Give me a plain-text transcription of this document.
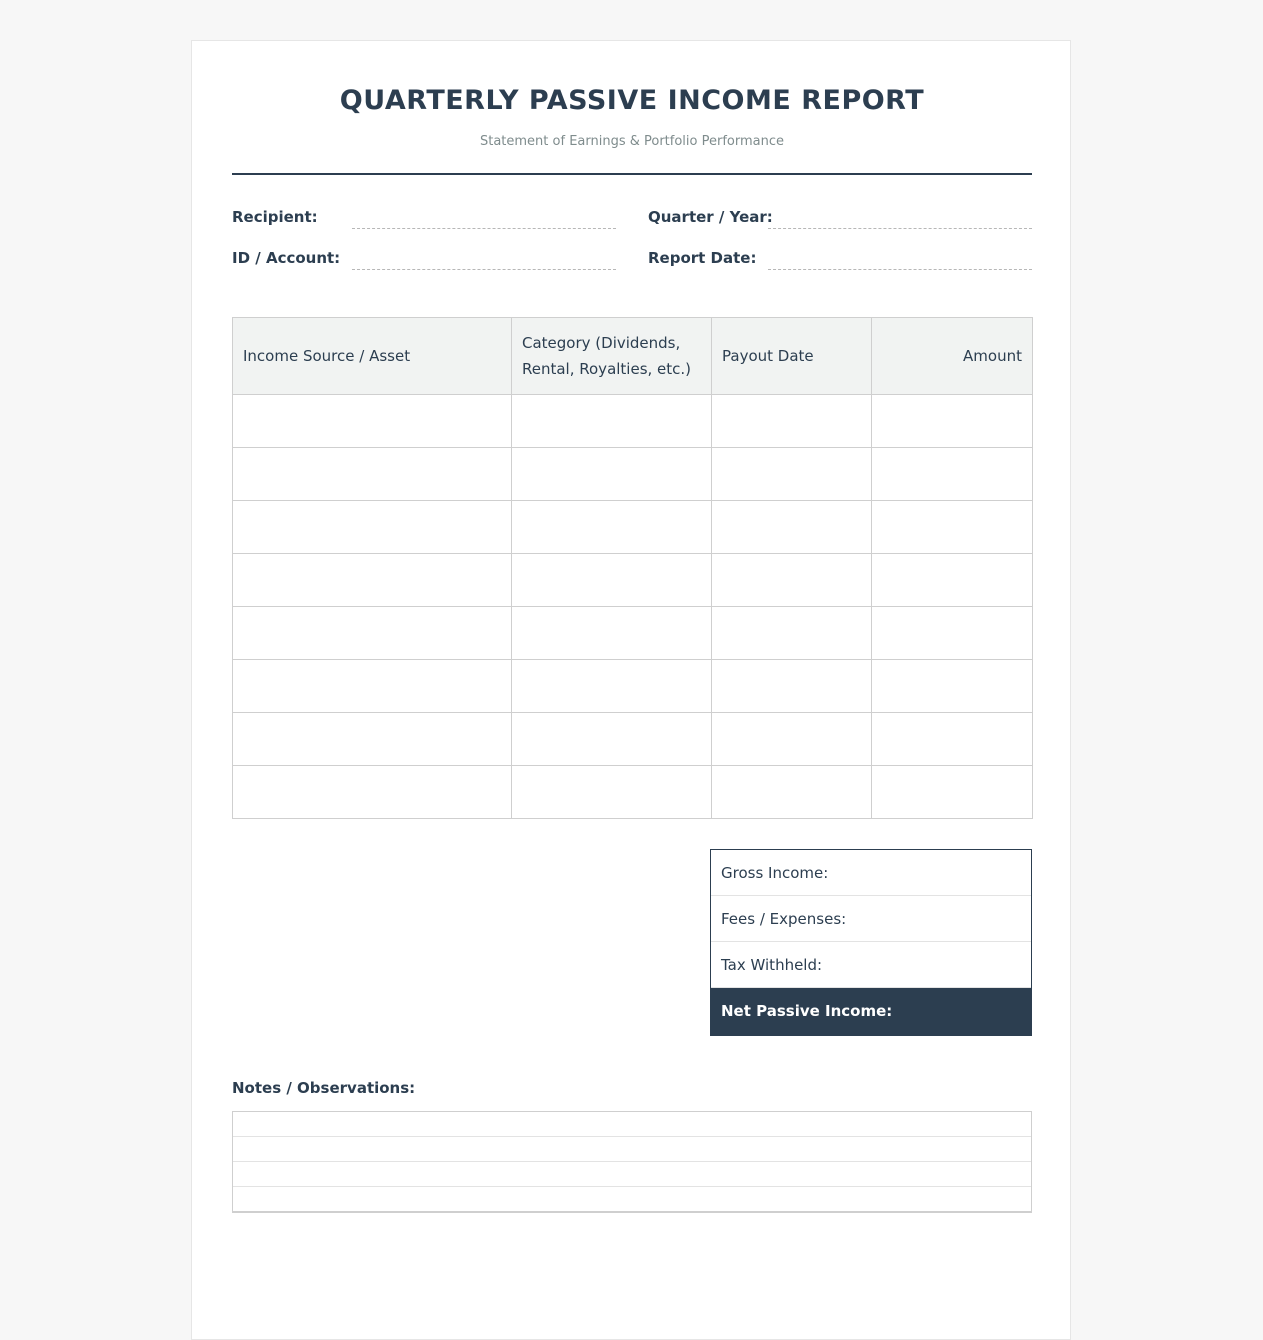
QUARTERLY PASSIVE INCOME REPORT
Statement of Earnings & Portfolio Performance
Recipient:	Quarter / Year:
ID / Account:	Report Date:
Income Source / Asset	Category (Dividends, Rental, Royalties, etc.)	Payout Date	Amount

Gross Income:
Fees / Expenses:
Tax Withheld:
Net Passive Income:
Notes / Observations:
